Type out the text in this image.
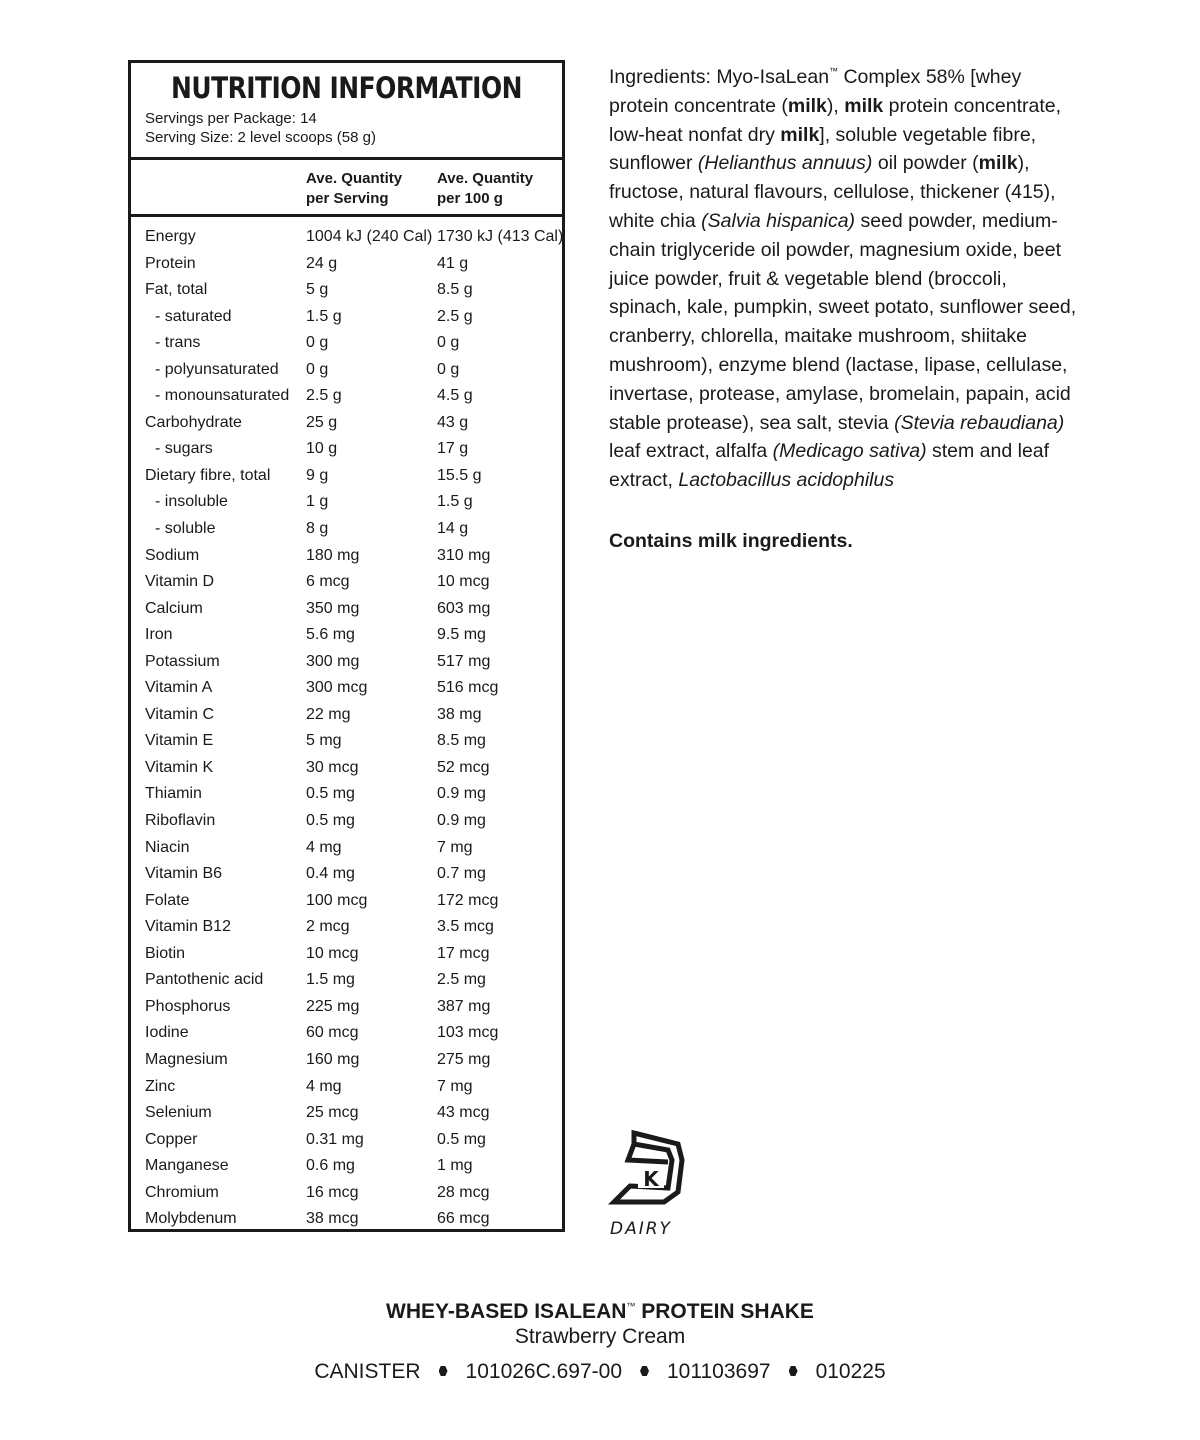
NUTRITION INFORMATION
Servings per Package: 14
Serving Size: 2 level scoops (58 g)
Ave. Quantity
per Serving
Ave. Quantity
per 100 g
Energy	1004 kJ (240 Cal) 1730 kJ (413 Cal)
Protein	24 g	41 g
Fat, total	5 g	8.5 g
- saturated	1.5 g	2.5 g
- trans	0 g	0 g
- polyunsaturated 0 g	0 g
- monounsaturated 2.5 g	4.5 g
Carbohydrate	25 g	43 g
- sugars	10 g	17 g
Dietary fibre, total 9 g	15.5 g
- insoluble	1 g	1.5 g
- soluble	8 g	14 g
Sodium	180 mg	310 mg
Vitamin D	6 mcg	10 mcg
Calcium	350 mg	603 mg
Iron	5.6 mg	9.5 mg
Potassium	300 mg	517 mg
Vitamin A	300 mcg	516 mcg
Vitamin C	22 mg	38 mg
Vitamin E	5 mg	8.5 mg
Vitamin K	30 mcg	52 mcg
Thiamin	0.5 mg	0.9 mg
Riboflavin	0.5 mg	0.9 mg
Niacin	4 mg	7 mg
Vitamin B6	0.4 mg	0.7 mg
Folate	100 mcg	172 mcg
Vitamin B12	2 mcg	3.5 mcg
Biotin	10 mcg	17 mcg
Pantothenic acid	1.5 mg	2.5 mg
Phosphorus	225 mg	387 mg
Iodine	60 mcg	103 mcg
Magnesium	160 mg	275 mg
Zinc	4 mg	7 mg
Selenium	25 mcg	43 mcg
Copper	0.31 mg	0.5 mg
Manganese	0.6 mg	1 mg
Chromium	16 mcg	28 mcg
Molybdenum	38 mcg	66 mcg
Ingredients: Myo-IsaLean™ Complex 58% [whey protein concentrate (milk), milk protein concentrate, low-heat nonfat dry milk], soluble vegetable fibre, sunflower (Helianthus annuus) oil powder (milk), fructose, natural flavours, cellulose, thickener (415), white chia (Salvia hispanica) seed powder, medium-chain triglyceride oil powder, magnesium oxide, beet juice powder, fruit & vegetable blend (broccoli, spinach, kale, pumpkin, sweet potato, sunflower seed, cranberry, chlorella, maitake mushroom, shiitake mushroom), enzyme blend (lactase, lipase, cellulase, invertase, protease, amylase, bromelain, papain, acid stable protease), sea salt, stevia (Stevia rebaudiana) leaf extract, alfalfa (Medicago sativa) stem and leaf extract, Lactobacillus acidophilus
Contains milk ingredients.
K
DAIRY
WHEY-BASED ISALEAN™ PROTEIN SHAKE
Strawberry Cream
CANISTER 101026C.697-00 101103697 010225
